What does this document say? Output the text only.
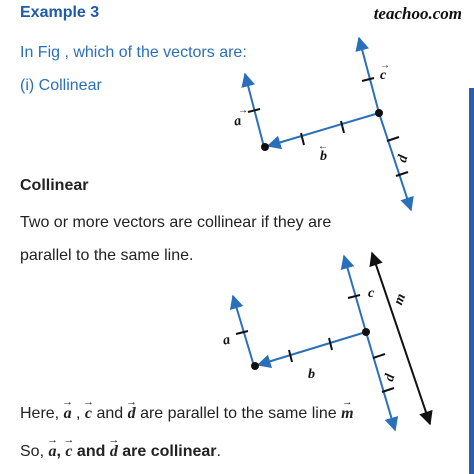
Example 3	teachoo.com
In Fig , which of the vectors are:
(i) Collinear
Collinear
Two or more vectors are collinear if they are
parallel to the same line.
Here, → a , → c and → d are parallel to the same line → m
So, → a, → c and → d are collinear.
a
b
c
d
→
←
→
a
b
c
d
m
